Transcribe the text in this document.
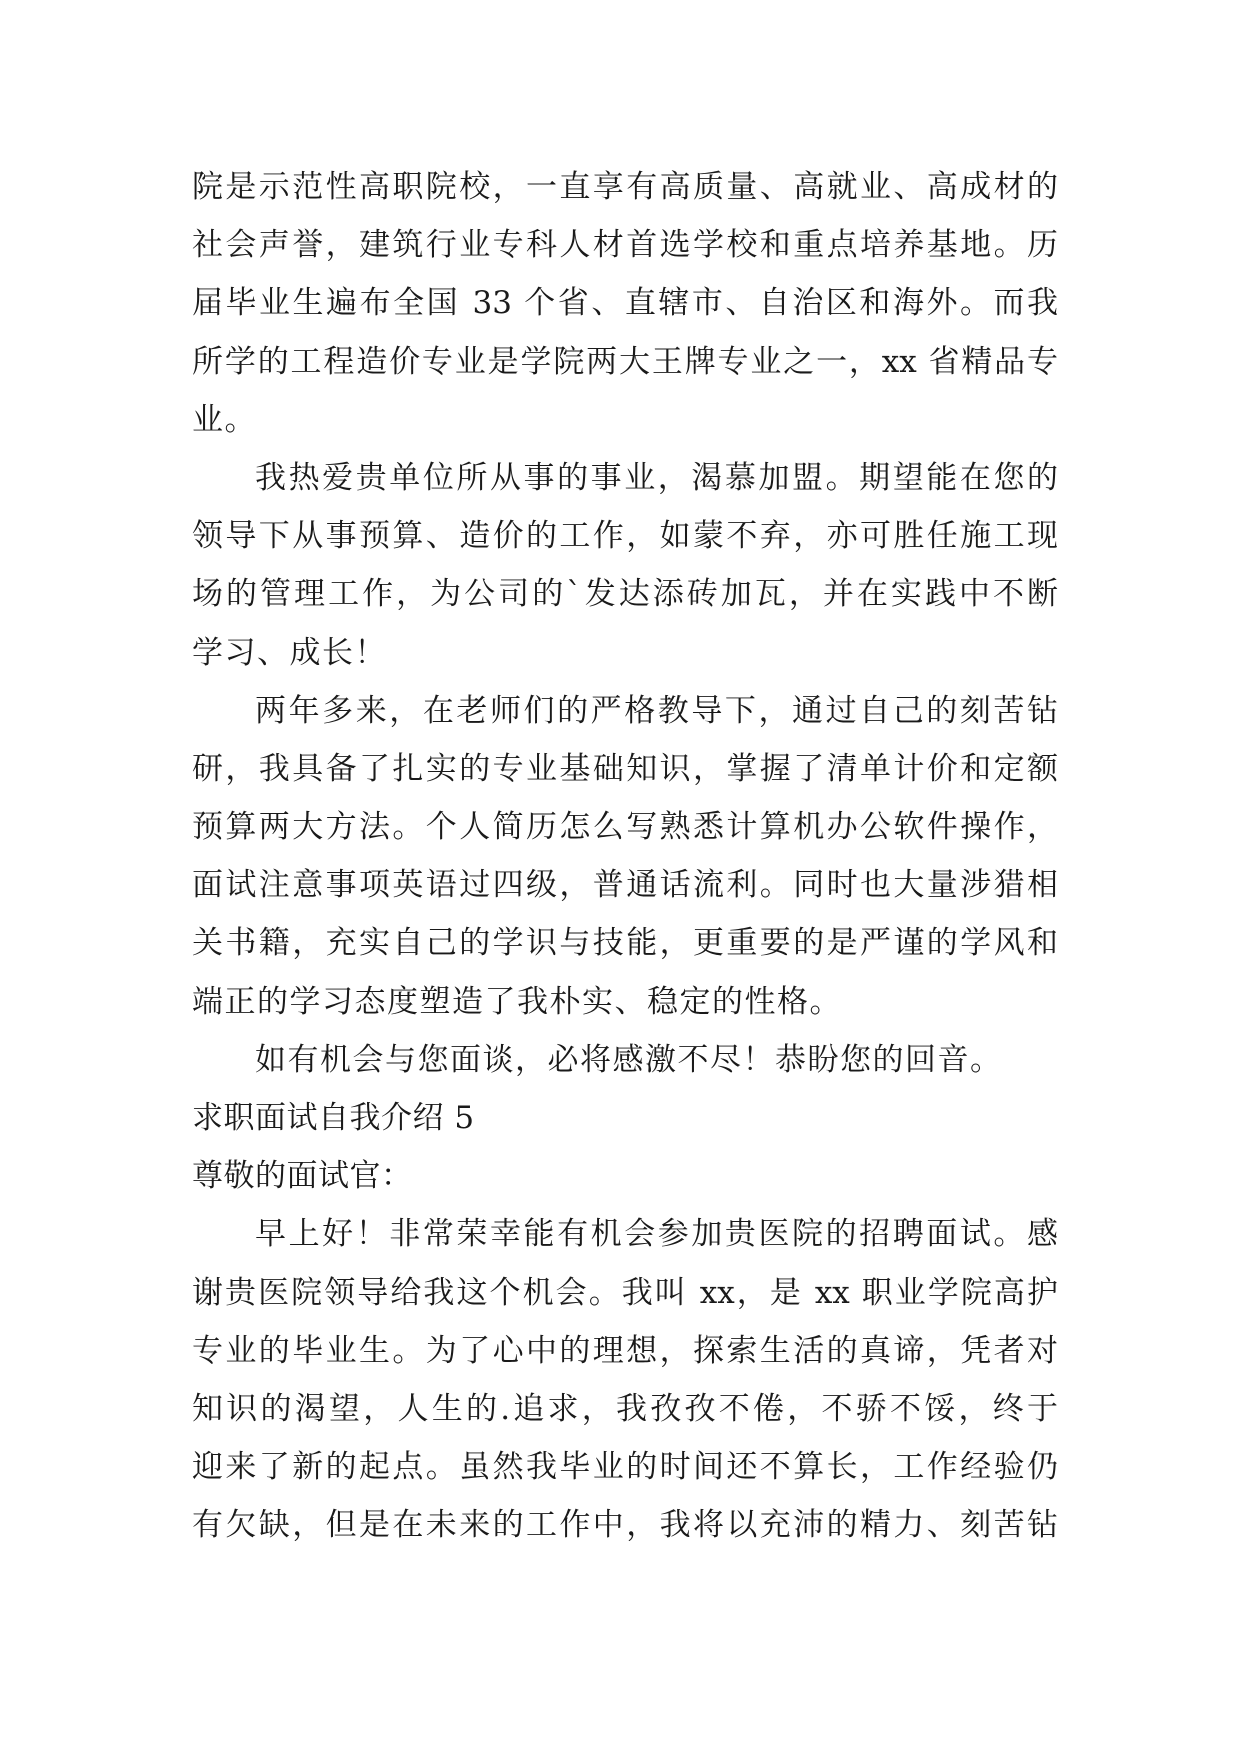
院是示范性高职院校，一直享有高质量、高就业、高成材的
社会声誉，建筑行业专科人材首选学校和重点培养基地。历
届毕业生遍布全国 33 个省、直辖市、自治区和海外。而我
所学的工程造价专业是学院两大王牌专业之一，xx 省精品专
业。
我热爱贵单位所从事的事业，渴慕加盟。期望能在您的
领导下从事预算、造价的工作，如蒙不弃，亦可胜任施工现
场的管理工作，为公司的`发达添砖加瓦，并在实践中不断
学习、成长！
两年多来，在老师们的严格教导下，通过自己的刻苦钻
研，我具备了扎实的专业基础知识，掌握了清单计价和定额
预算两大方法。个人简历怎么写熟悉计算机办公软件操作，
面试注意事项英语过四级，普通话流利。同时也大量涉猎相
关书籍，充实自己的学识与技能，更重要的是严谨的学风和
端正的学习态度塑造了我朴实、稳定的性格。
如有机会与您面谈，必将感激不尽！恭盼您的回音。
求职面试自我介绍 5
尊敬的面试官：
早上好！非常荣幸能有机会参加贵医院的招聘面试。感
谢贵医院领导给我这个机会。我叫 xx，是 xx 职业学院高护
专业的毕业生。为了心中的理想，探索生活的真谛，凭者对
知识的渴望，人生的.追求，我孜孜不倦，不骄不馁，终于
迎来了新的起点。虽然我毕业的时间还不算长，工作经验仍
有欠缺，但是在未来的工作中，我将以充沛的精力、刻苦钻
